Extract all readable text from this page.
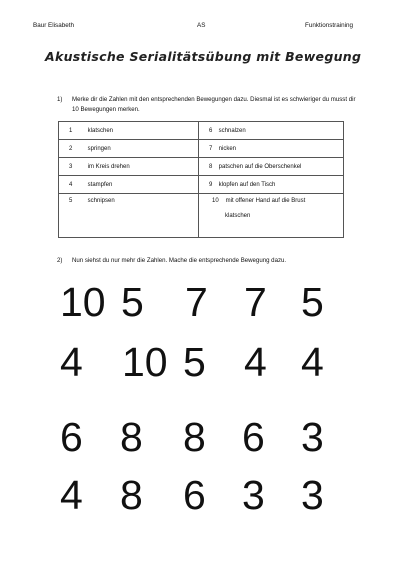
Baur Elisabeth	AS	Funktionstraining
Akustische Serialitätsübung mit Bewegung
1) Merke dir die Zahlen mit den entsprechenden Bewegungen dazu. Diesmal ist es schwieriger du musst dir 10 Bewegungen merken.
1 klatschen	6 schnalzen
2 springen	7 nicken
3 im Kreis drehen	8 patschen auf die Oberschenkel
4 stampfen	9 klopfen auf den Tisch
5 schnipsen	10 mit offener Hand auf die Brust
klatschen
2) Nun siehst du nur mehr die Zahlen. Mache die entsprechende Bewegung dazu.
10 5 7 7 5
4 10 5 4 4
6 8 8 6 3
4 8 6 3 3
